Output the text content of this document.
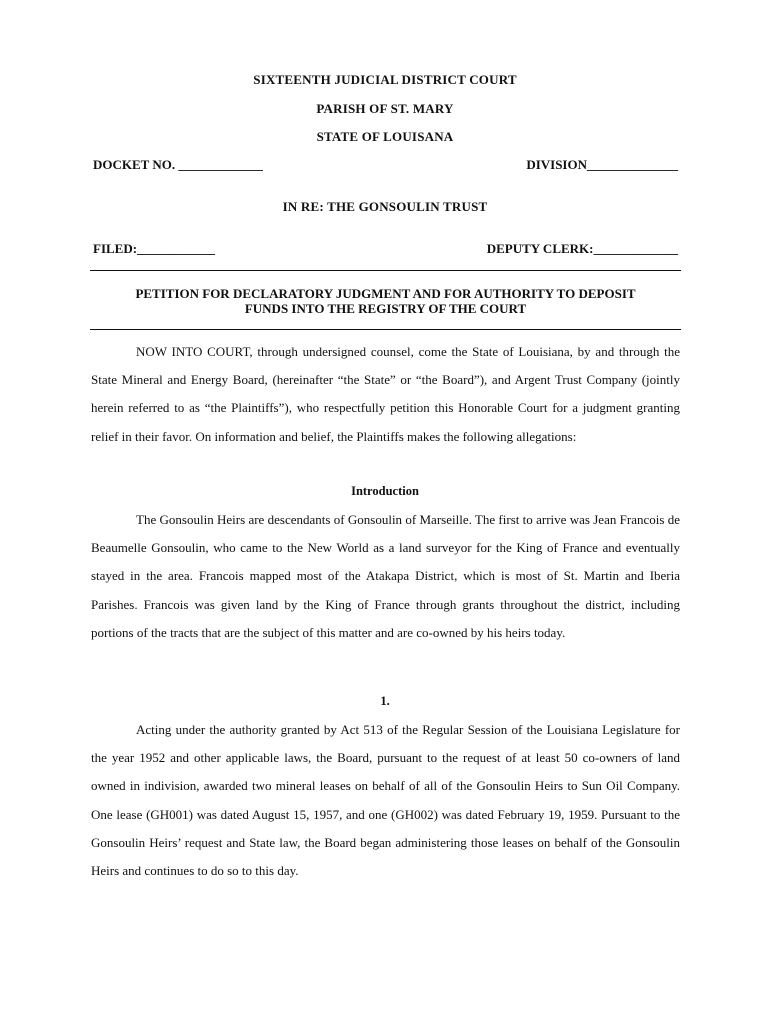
SIXTEENTH JUDICIAL DISTRICT COURT
PARISH OF ST. MARY
STATE OF LOUISANA
DOCKET NO. _____________	DIVISION______________
IN RE: THE GONSOULIN TRUST
FILED:____________	DEPUTY CLERK:_____________
PETITION FOR DECLARATORY JUDGMENT AND FOR AUTHORITY TO DEPOSIT
FUNDS INTO THE REGISTRY OF THE COURT

NOW INTO COURT, through undersigned counsel, come the State of Louisiana, by and through the State Mineral and Energy Board, (hereinafter “the State” or “the Board”), and Argent Trust Company (jointly herein referred to as “the Plaintiffs”), who respectfully petition this Honorable Court for a judgment granting relief in their favor. On information and belief, the Plaintiffs makes the following allegations:

Introduction

The Gonsoulin Heirs are descendants of Gonsoulin of Marseille. The first to arrive was Jean Francois de Beaumelle Gonsoulin, who came to the New World as a land surveyor for the King of France and eventually stayed in the area. Francois mapped most of the Atakapa District, which is most of St. Martin and Iberia Parishes. Francois was given land by the King of France through grants throughout the district, including portions of the tracts that are the subject of this matter and are co-owned by his heirs today.

1.

Acting under the authority granted by Act 513 of the Regular Session of the Louisiana Legislature for the year 1952 and other applicable laws, the Board, pursuant to the request of at least 50 co-owners of land owned in indivision, awarded two mineral leases on behalf of all of the Gonsoulin Heirs to Sun Oil Company. One lease (GH001) was dated August 15, 1957, and one (GH002) was dated February 19, 1959. Pursuant to the Gonsoulin Heirs’ request and State law, the Board began administering those leases on behalf of the Gonsoulin Heirs and continues to do so to this day.
